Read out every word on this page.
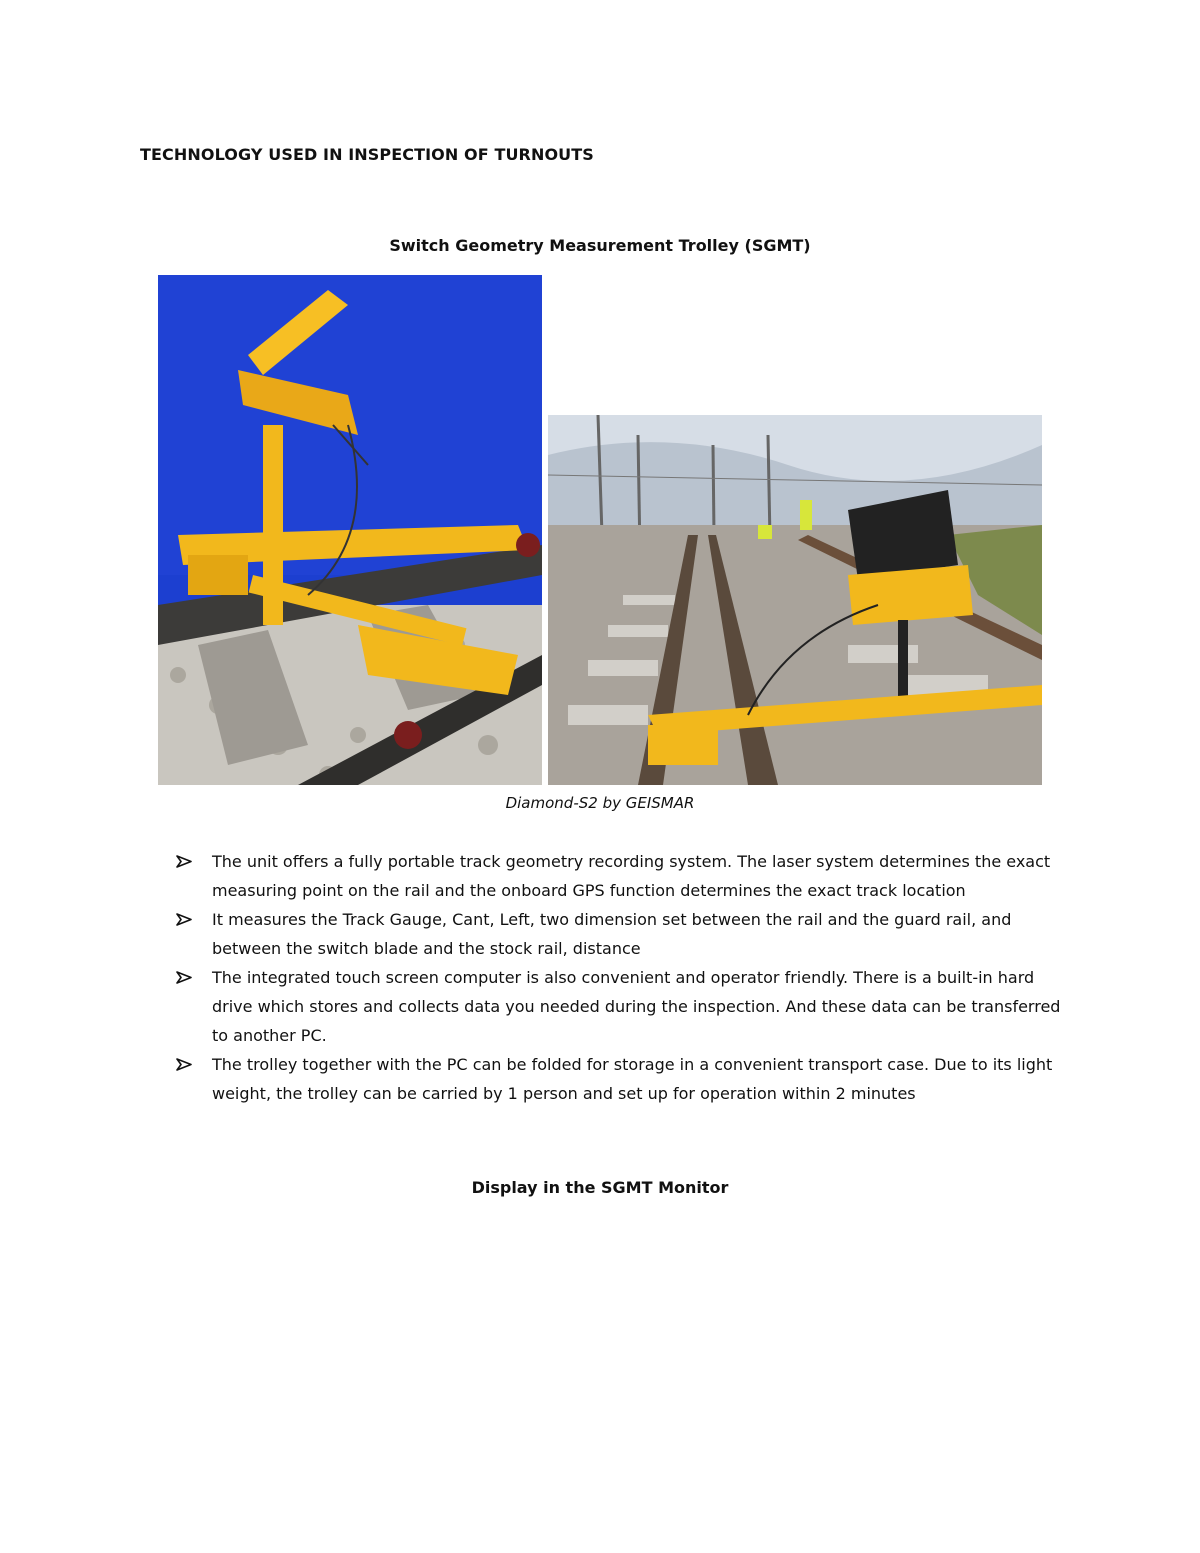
TECHNOLOGY USED IN INSPECTION OF TURNOUTS
Switch Geometry Measurement Trolley (SGMT)
Diamond-S2 by GEISMAR
The unit offers a fully portable track geometry recording system. The laser system determines the exact measuring point on the rail and the onboard GPS function determines the exact track location
It measures the Track Gauge, Cant, Left, two dimension set between the rail and the guard rail, and between the switch blade and the stock rail, distance
The integrated touch screen computer is also convenient and operator friendly. There is a built-in hard drive which stores and collects data you needed during the inspection. And these data can be transferred to another PC.
The trolley together with the PC can be folded for storage in a convenient transport case. Due to its light weight, the trolley can be carried by 1 person and set up for operation within 2 minutes
Display in the SGMT Monitor
